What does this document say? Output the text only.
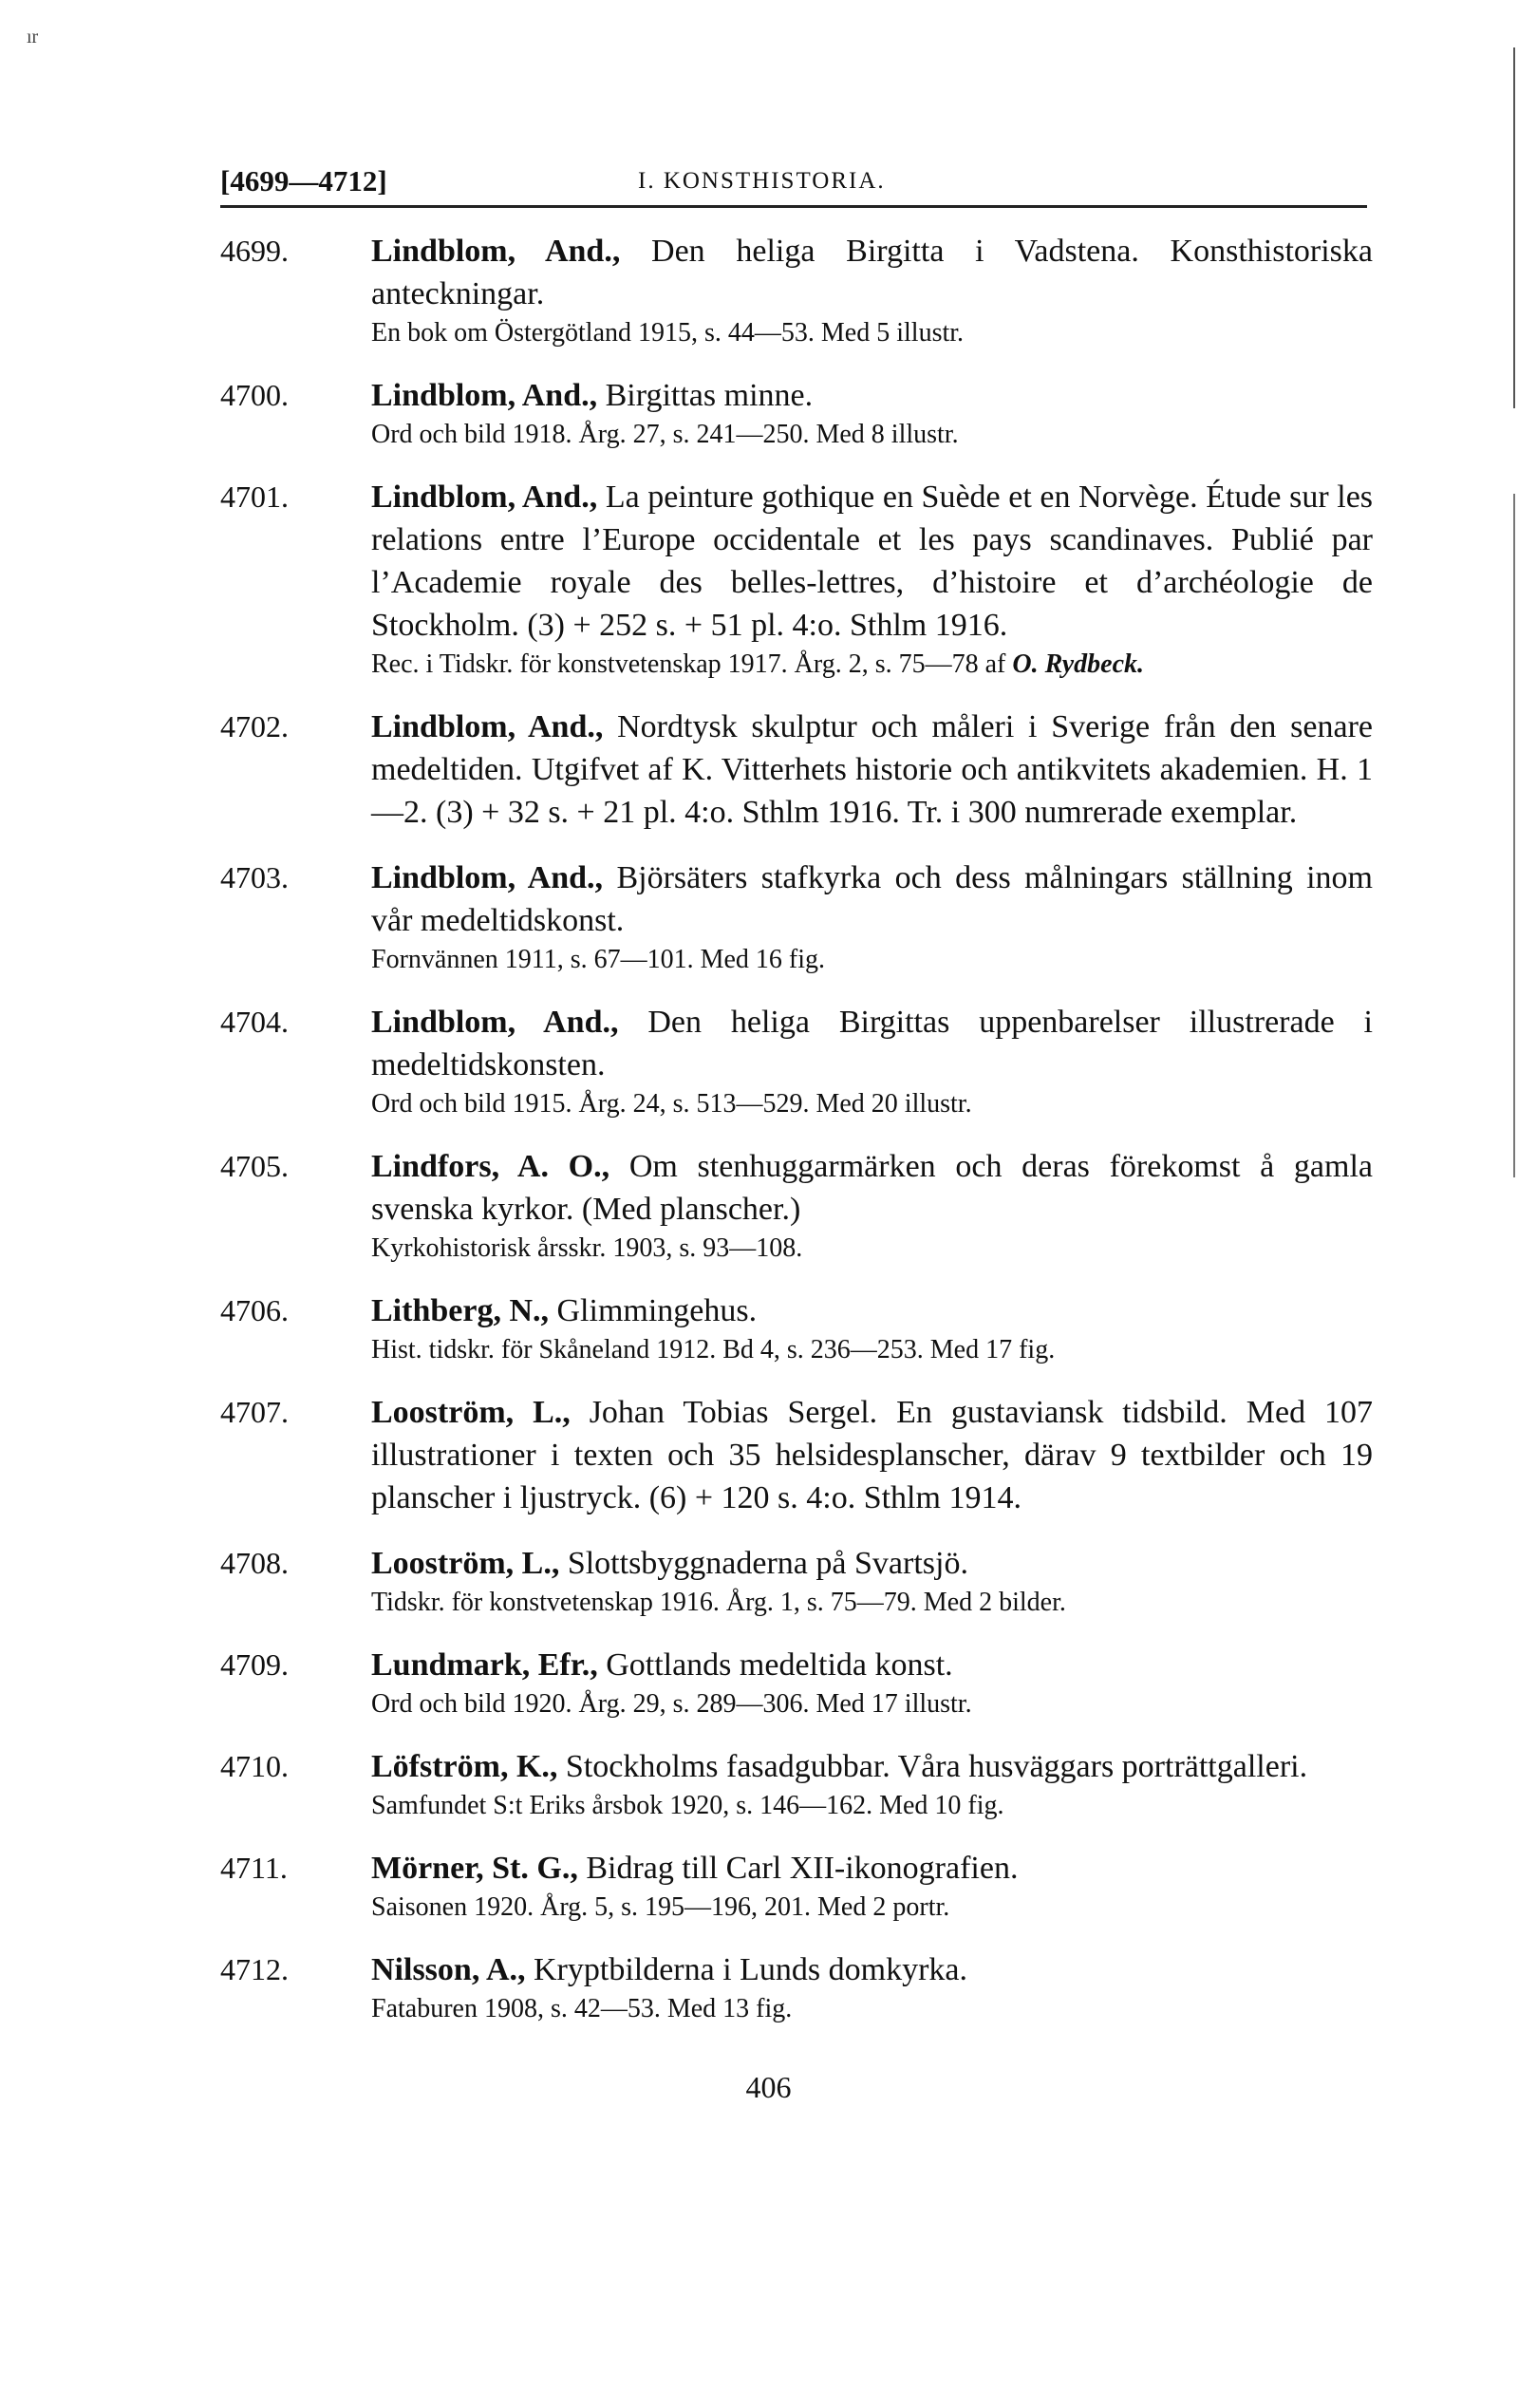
ır
[4699—4712]	I. KONSTHISTORIA.
4699.	Lindblom, And., Den heliga Birgitta i Vadstena. Konsthistoriska anteckningar.
En bok om Östergötland 1915, s. 44—53. Med 5 illustr.
4700.	Lindblom, And., Birgittas minne.
Ord och bild 1918. Årg. 27, s. 241—250. Med 8 illustr.
4701.	Lindblom, And., La peinture gothique en Suède et en Norvège. Étude sur les relations entre l’Europe occidentale et les pays scandinaves. Publié par l’Academie royale des belles-lettres, d’histoire et d’archéologie de Stockholm. (3) + 252 s. + 51 pl. 4:o. Sthlm 1916.
Rec. i Tidskr. för konstvetenskap 1917. Årg. 2, s. 75—78 af O. Rydbeck.
4702.	Lindblom, And., Nordtysk skulptur och måleri i Sverige från den senare medeltiden. Utgifvet af K. Vitterhets historie och antikvitets akademien. H. 1—2. (3) + 32 s. + 21 pl. 4:o. Sthlm 1916. Tr. i 300 numrerade exemplar.
4703.	Lindblom, And., Björsäters stafkyrka och dess målningars ställning inom vår medeltidskonst.
Fornvännen 1911, s. 67—101. Med 16 fig.
4704.	Lindblom, And., Den heliga Birgittas uppenbarelser illustrerade i medeltidskonsten.
Ord och bild 1915. Årg. 24, s. 513—529. Med 20 illustr.
4705.	Lindfors, A. O., Om stenhuggarmärken och deras förekomst å gamla svenska kyrkor. (Med planscher.)
Kyrkohistorisk årsskr. 1903, s. 93—108.
4706.	Lithberg, N., Glimmingehus.
Hist. tidskr. för Skåneland 1912. Bd 4, s. 236—253. Med 17 fig.
4707.	Looström, L., Johan Tobias Sergel. En gustaviansk tidsbild. Med 107 illustrationer i texten och 35 helsidesplanscher, därav 9 textbilder och 19 planscher i ljustryck. (6) + 120 s. 4:o. Sthlm 1914.
4708.	Looström, L., Slottsbyggnaderna på Svartsjö.
Tidskr. för konstvetenskap 1916. Årg. 1, s. 75—79. Med 2 bilder.
4709.	Lundmark, Efr., Gottlands medeltida konst.
Ord och bild 1920. Årg. 29, s. 289—306. Med 17 illustr.
4710.	Löfström, K., Stockholms fasadgubbar. Våra husväggars porträttgalleri.
Samfundet S:t Eriks årsbok 1920, s. 146—162. Med 10 fig.
4711.	Mörner, St. G., Bidrag till Carl XII-ikonografien.
Saisonen 1920. Årg. 5, s. 195—196, 201. Med 2 portr.
4712.	Nilsson, A., Kryptbilderna i Lunds domkyrka.
Fataburen 1908, s. 42—53. Med 13 fig.
406
